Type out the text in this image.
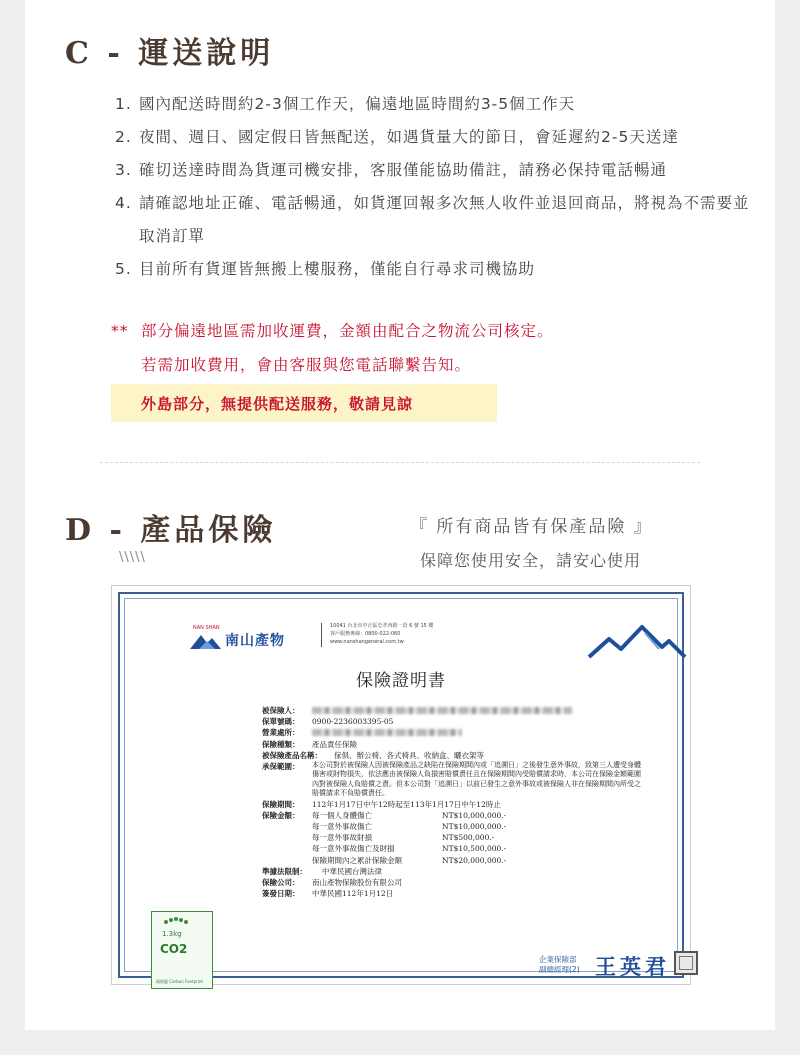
C - 運送說明
1. 國內配送時間約2-3個工作天，偏遠地區時間約3-5個工作天
2. 夜間、週日、國定假日皆無配送，如遇貨量大的節日，會延遲約2-5天送達
3. 確切送達時間為貨運司機安排，客服僅能協助備註，請務必保持電話暢通
4. 請確認地址正確、電話暢通，如貨運回報多次無人收件並退回商品，將視為不需要並取消訂單
5. 目前所有貨運皆無搬上樓服務，僅能自行尋求司機協助
** 部分偏遠地區需加收運費，金額由配合之物流公司核定。
若需加收費用，會由客服與您電話聯繫告知。
外島部分，無提供配送服務，敬請見諒
D - 產品保險
\\\\\
『 所有商品皆有保產品險 』
保障您使用安全，請安心使用
NAN SHAN
南山產物
10041 台北市中正區忠孝西路一段 6 號 15 樓
客戶服務專線：0800-022-060
www.nanshangeneral.com.tw
保險證明書
被保險人：
保單號碼：	0900-2236003395-05
營業處所：
保險種類：	產品責任保險
被保險產品名稱：	傢俱、辦公椅、各式椅具、收納盒、曬衣架等
承保範圍：	本公司對於被保險人因被保險產品之缺陷在保險期間內或「追溯日」之後發生意外事故，致第三人遭受身體傷害或財物損失，依法應由被保險人負損害賠償責任且在保險期間內受賠償請求時，本公司在保險金額範圍內對被保險人負賠償之責。但本公司對「追溯日」以前已發生之意外事故或被保險人非在保險期間內所受之賠償請求不負賠償責任。
保險期間：	112年1月17日中午12時起至113年1月17日中午12時止
保險金額：	每一個人身體傷亡	NT$10,000,000.-
每一意外事故傷亡	NT$10,000,000.-
每一意外事故財損	NT$500,000.-
每一意外事故傷亡及財損	NT$10,500,000.-
保險期間內之累計保險金額	NT$20,000,000.-
準據法限制：	中華民國台灣法律
保險公司：	南山產物保險股份有限公司
簽發日期：	中華民國112年1月12日
1.3kg
CO2
碳標籤 Carbon Footprint
企業保險部
副總經理(2) 王英君
